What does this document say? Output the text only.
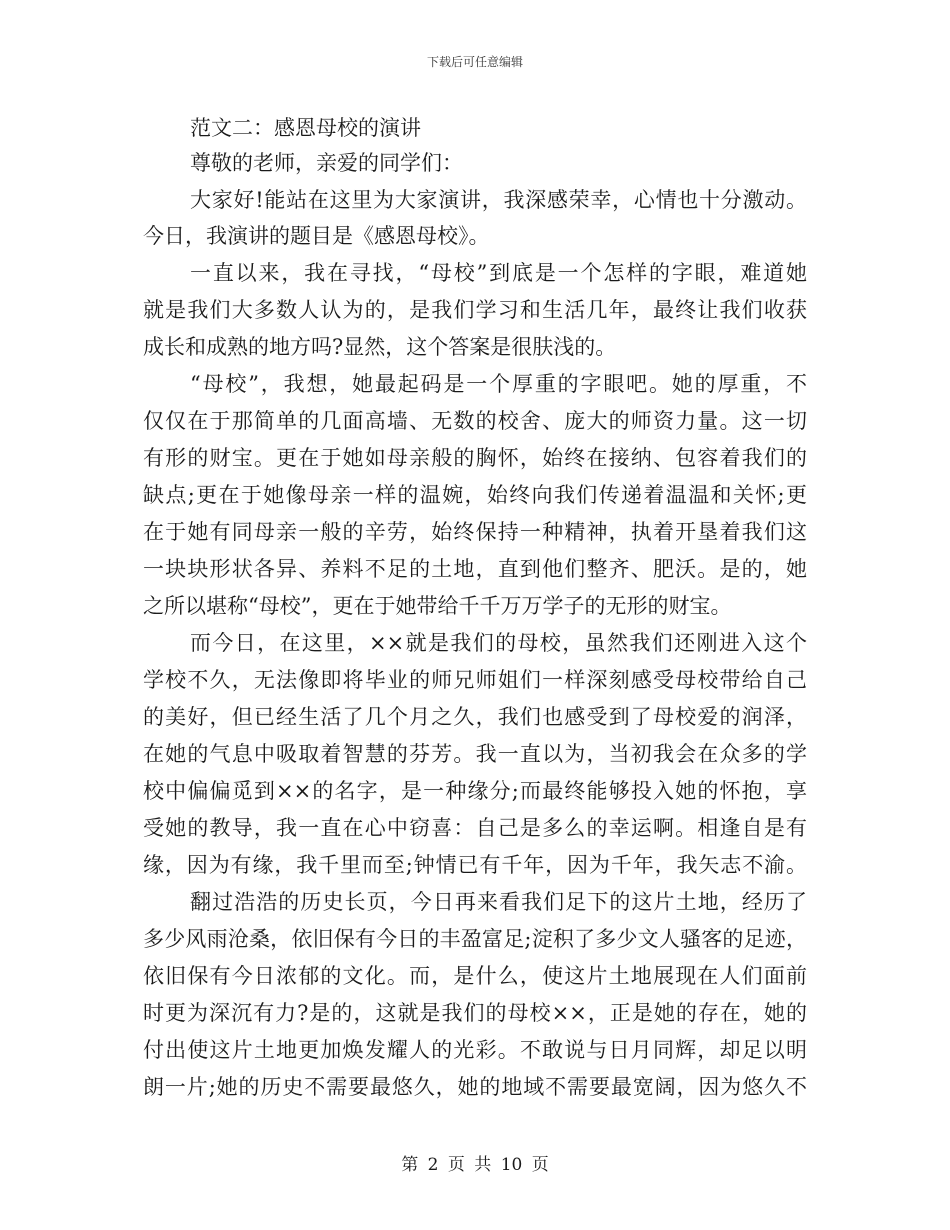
下载后可任意编辑
范文二：感恩母校的演讲
尊敬的老师，亲爱的同学们：
大家好!能站在这里为大家演讲，我深感荣幸，心情也十分激动。
今日，我演讲的题目是《感恩母校》。
一直以来，我在寻找，“母校”到底是一个怎样的字眼，难道她
就是我们大多数人认为的，是我们学习和生活几年，最终让我们收获
成长和成熟的地方吗?显然，这个答案是很肤浅的。
“母校”，我想，她最起码是一个厚重的字眼吧。她的厚重，不
仅仅在于那简单的几面高墙、无数的校舍、庞大的师资力量。这一切
有形的财宝。更在于她如母亲般的胸怀，始终在接纳、包容着我们的
缺点;更在于她像母亲一样的温婉，始终向我们传递着温温和关怀;更
在于她有同母亲一般的辛劳，始终保持一种精神，执着开垦着我们这
一块块形状各异、养料不足的土地，直到他们整齐、肥沃。是的，她
之所以堪称“母校”，更在于她带给千千万万学子的无形的财宝。
而今日，在这里，××就是我们的母校，虽然我们还刚进入这个
学校不久，无法像即将毕业的师兄师姐们一样深刻感受母校带给自己
的美好，但已经生活了几个月之久，我们也感受到了母校爱的润泽，
在她的气息中吸取着智慧的芬芳。我一直以为，当初我会在众多的学
校中偏偏觅到××的名字，是一种缘分;而最终能够投入她的怀抱，享
受她的教导，我一直在心中窃喜：自己是多么的幸运啊。相逢自是有
缘，因为有缘，我千里而至;钟情已有千年，因为千年，我矢志不渝。
翻过浩浩的历史长页，今日再来看我们足下的这片土地，经历了
多少风雨沧桑，依旧保有今日的丰盈富足;淀积了多少文人骚客的足迹，
依旧保有今日浓郁的文化。而，是什么，使这片土地展现在人们面前
时更为深沉有力?是的，这就是我们的母校××，正是她的存在，她的
付出使这片土地更加焕发耀人的光彩。不敢说与日月同辉，却足以明
朗一片;她的历史不需要最悠久，她的地域不需要最宽阔，因为悠久不
第 2 页 共 10 页
